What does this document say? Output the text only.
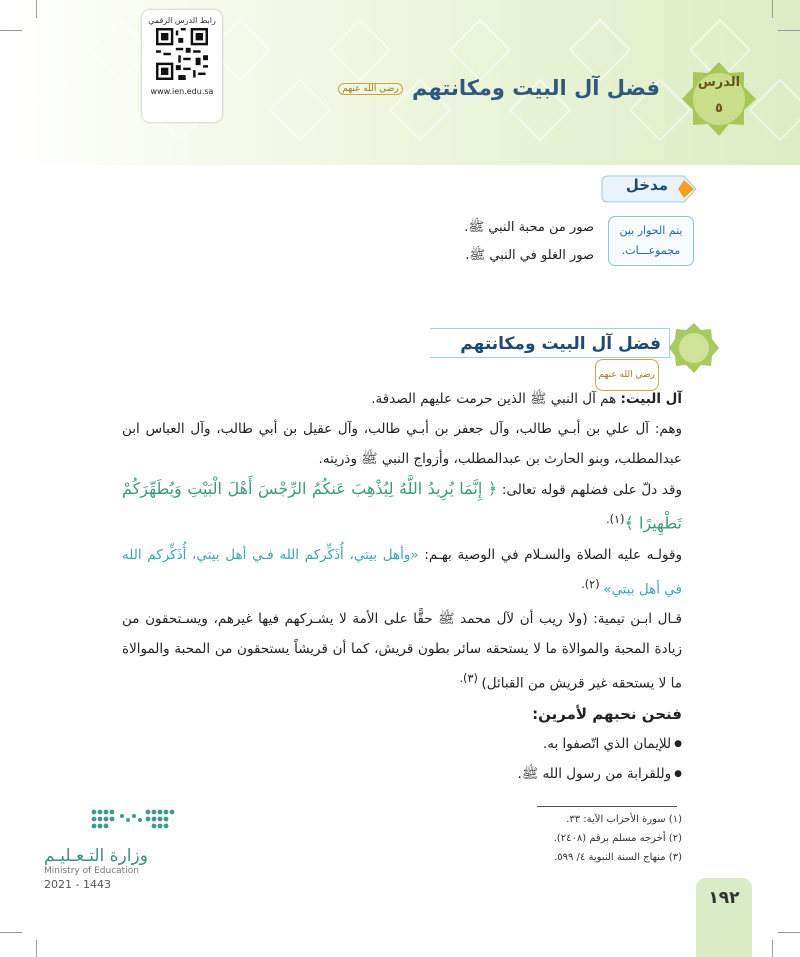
رابط الدرس الرقمي
www.ien.edu.sa	فضل آل البيت ومكانتهم رضي الله عنهم	الدرس
٥
مدخل
صور من محبة النبي ﷺ.
صور الغلو في النبي ﷺ.
يتم الحوار بين
مجموعـــات.
فضل آل البيت ومكانتهم رضي الله عنهم

آل البيت: هم آل النبي ﷺ الذين حرمت عليهم الصدقة.

وهم: آل علي بن أبـي طالب، وآل جعفر بن أبـي طالب، وآل عقيل بن أبي طالب، وآل العباس ابن عبدالمطلب، وبنو الحارث بن عبدالمطلب، وأزواج النبي ﷺ وذريته.

وقد دلّ على فضلهم قوله تعالى: ﴿ إِنَّمَا يُرِيدُ اللَّهُ لِيُذْهِبَ عَنكُمُ الرِّجْسَ أَهْلَ الْبَيْتِ وَيُطَهِّرَكُمْ تَطْهِيرًا ﴾$^{(١).}$

وقولـه عليه الصلاة والسـلام في الوصية بهـم: «وأهل بيتي، أُذَكِّركم الله فـي أهل بيتي، أُذَكِّركم الله في أهل بيتي» $^{(٢).}$

قـال ابـن تيمية: (ولا ريب أن لآل محمد ﷺ حقًّا على الأمة لا يشـركهم فيها غيرهم، ويسـتحقون من زيادة المحبة والموالاة ما لا يستحقه سائر بطون قريش، كما أن قريشاً يستحقون من المحبة والموالاة ما لا يستحقه غير قريش من القبائل) $^{(٣).}$

فنحن نحبهم لأمرين:

● للإيمان الذي اتّصفوا به.

● وللقرابة من رسول الله ﷺ.

(١) سورة الأحزاب الآية: ٣٣.
(٢) أخرجه مسلم برقم (٢٤٠٨).
(٣) منهاج السنة النبوية ٤/ ٥٩٩.
وزارة التـعـليـم
Ministry of Education
2021 - 1443
١٩٢
